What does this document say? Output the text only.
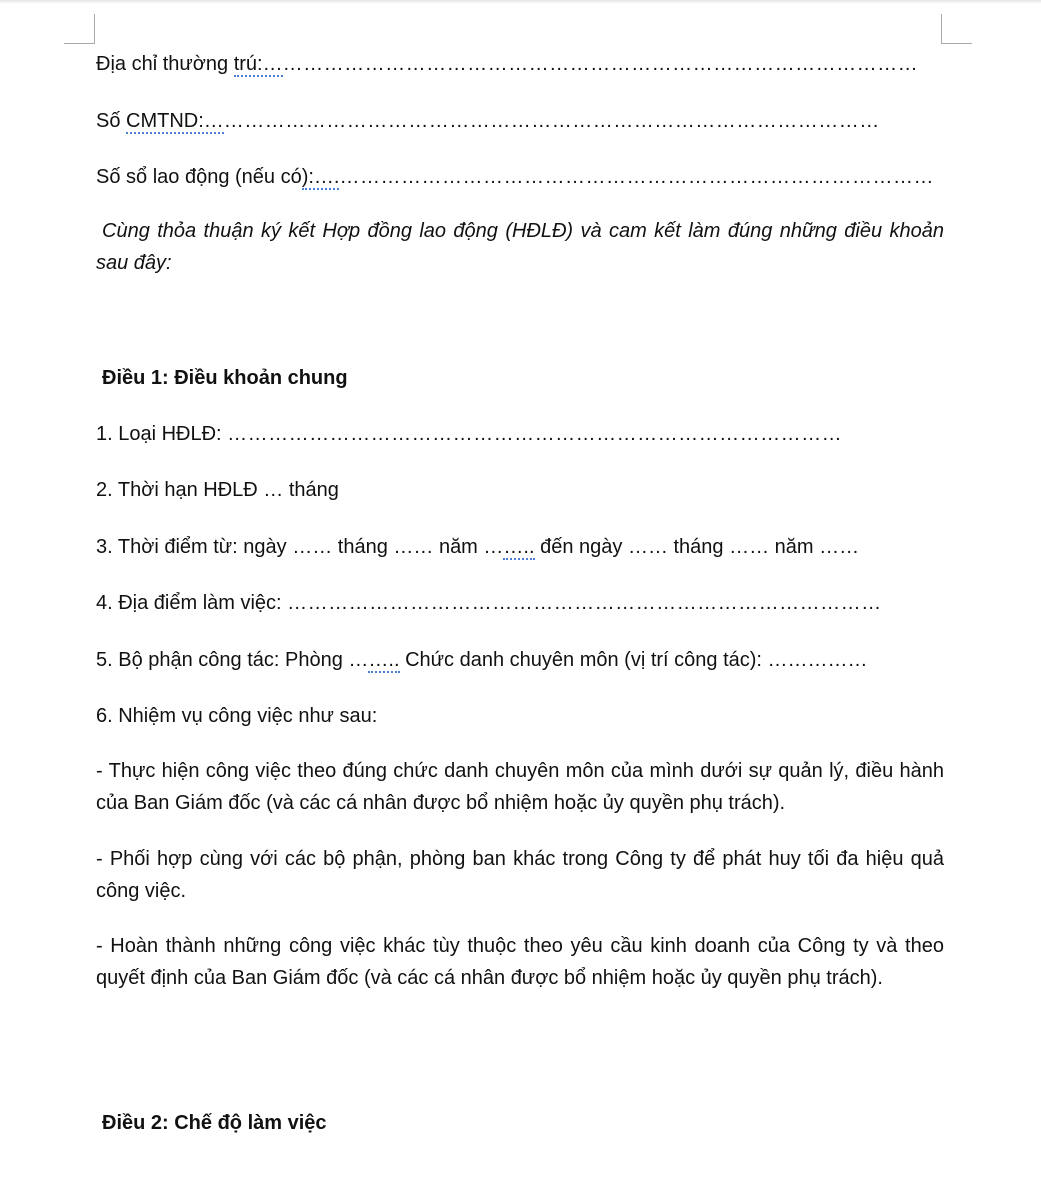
Địa chỉ thường trú:……………………………………………………………………………………
Số CMTND:………………………………………………………………………………………
Số sổ lao động (nếu có):….……………………………………………………………………………
Cùng thỏa thuận ký kết Hợp đồng lao động (HĐLĐ) và cam kết làm đúng những điều khoản sau đây:
Điều 1: Điều khoản chung
1. Loại HĐLĐ: ………………………………………………………………………………
2. Thời hạn HĐLĐ … tháng
3. Thời điểm từ: ngày …… tháng …… năm …….. đến ngày …… tháng …… năm ……
4. Địa điểm làm việc: ……………………………………………………………………………
5. Bộ phận công tác: Phòng …….. Chức danh chuyên môn (vị trí công tác): ……………
6. Nhiệm vụ công việc như sau:
- Thực hiện công việc theo đúng chức danh chuyên môn của mình dưới sự quản lý, điều hành của Ban Giám đốc (và các cá nhân được bổ nhiệm hoặc ủy quyền phụ trách).
- Phối hợp cùng với các bộ phận, phòng ban khác trong Công ty để phát huy tối đa hiệu quả công việc.
- Hoàn thành những công việc khác tùy thuộc theo yêu cầu kinh doanh của Công ty và theo quyết định của Ban Giám đốc (và các cá nhân được bổ nhiệm hoặc ủy quyền phụ trách).
Điều 2: Chế độ làm việc
